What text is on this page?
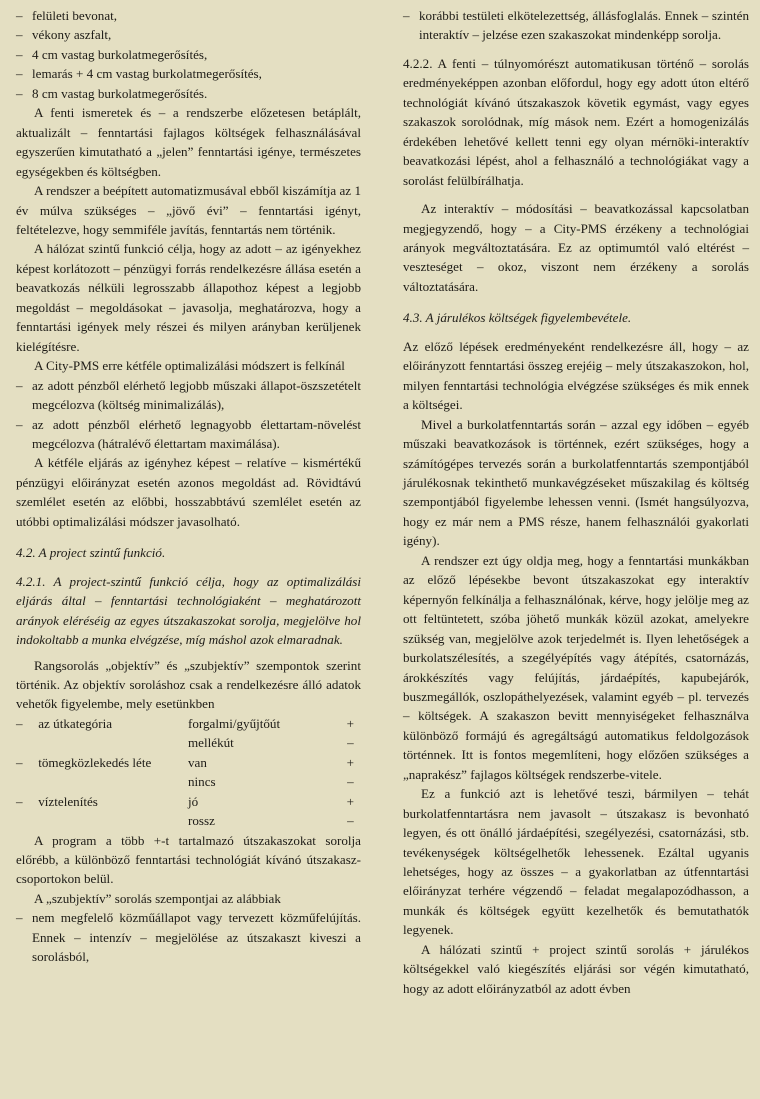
– felületi bevonat,

– vékony aszfalt,

– 4 cm vastag burkolatmegerősítés,

– lemarás + 4 cm vastag burkolatmegerősítés,

– 8 cm vastag burkolatmegerősítés.

A fenti ismeretek és – a rendszerbe előzetesen betáplált, aktualizált – fenntartási fajlagos költségek felhasználásával egyszerűen kimutatható a „jelen” fenntartási igénye, természetes egységekben és költségben.

A rendszer a beépített automatizmusával ebből kiszámítja az 1 év múlva szükséges – „jövő évi” – fenntartási igényt, feltételezve, hogy semmiféle javítás, fenntartás nem történik.

A hálózat szintű funkció célja, hogy az adott – az igényekhez képest korlátozott – pénzügyi forrás rendelkezésre állása esetén a beavatkozás nélküli legrosszabb állapothoz képest a legjobb megoldást – megoldásokat – javasolja, meghatározva, hogy a fenntartási igények mely részei és milyen arányban kerüljenek kielégítésre.

A City-PMS erre kétféle optimalizálási módszert is felkínál

– az adott pénzből elérhető legjobb műszaki állapot-öszszetételt megcélozva (költség minimalizálás),

– az adott pénzből elérhető legnagyobb élettartam-növelést megcélozva (hátralévő élettartam maximálása).

A kétféle eljárás az igényhez képest – relatíve – kismértékű pénzügyi előirányzat esetén azonos megoldást ad. Rövidtávú szemlélet esetén az előbbi, hosszabbtávú szemlélet esetén az utóbbi optimalizálási módszer javasolható.

4.2. A project szintű funkció.

4.2.1. A project-szintű funkció célja, hogy az optimalizálási eljárás által – fenntartási technológiaként – meghatározott arányok eléréséig az egyes útszakaszokat sorolja, megjelölve hol indokoltabb a munka elvégzése, míg máshol azok elmaradnak.

Rangsorolás „objektív” és „szubjektív” szempontok szerint történik. Az objektív soroláshoz csak a rendelkezésre álló adatok vehetők figyelembe, mely esetünkben

–	az útkategória	forgalmi/gyűjtőút	+
		mellékút	–
–	tömegközlekedés léte	van	+
		nincs	–
–	víztelenítés	jó	+
		rossz	–

A program a több +-t tartalmazó útszakaszokat sorolja előrébb, a különböző fenntartási technológiát kívánó útszakasz-csoportokon belül.

A „szubjektív” sorolás szempontjai az alábbiak

– nem megfelelő közműállapot vagy tervezett közműfelújítás. Ennek – intenzív – megjelölése az útszakaszt kiveszi a sorolásból,

– korábbi testületi elkötelezettség, állásfoglalás. Ennek – szintén interaktív – jelzése ezen szakaszokat mindenképp sorolja.

4.2.2. A fenti – túlnyomórészt automatikusan történő – sorolás eredményeképpen azonban előfordul, hogy egy adott úton eltérő technológiát kívánó útszakaszok követik egymást, vagy egyes szakaszok sorolódnak, míg mások nem. Ezért a homogenizálás érdekében lehetővé kellett tenni egy olyan mérnöki-interaktív beavatkozási lépést, ahol a felhasználó a technológiákat vagy a sorolást felülbírálhatja.

Az interaktív – módosítási – beavatkozással kapcsolatban megjegyzendő, hogy – a City-PMS érzékeny a technológiai arányok megváltoztatására. Ez az optimumtól való eltérést – veszteséget – okoz, viszont nem érzékeny a sorolás változtatására.

4.3. A járulékos költségek figyelembevétele.

Az előző lépések eredményeként rendelkezésre áll, hogy – az előirányzott fenntartási összeg erejéig – mely útszakaszokon, hol, milyen fenntartási technológia elvégzése szükséges és mik ennek a költségei.

Mivel a burkolatfenntartás során – azzal egy időben – egyéb műszaki beavatkozások is történnek, ezért szükséges, hogy a számítógépes tervezés során a burkolatfenntartás szempontjából járulékosnak tekinthető munkavégzéseket műszakilag és költség szempontjából figyelembe lehessen venni. (Ismét hangsúlyozva, hogy ez már nem a PMS része, hanem felhasználói gyakorlati igény).

A rendszer ezt úgy oldja meg, hogy a fenntartási munkákban az előző lépésekbe bevont útszakaszokat egy interaktív képernyőn felkínálja a felhasználónak, kérve, hogy jelölje meg az ott feltüntetett, szóba jöhető munkák közül azokat, amelyekre szükség van, megjelölve azok terjedelmét is. Ilyen lehetőségek a burkolatszélesítés, a szegélyépítés vagy átépítés, csatornázás, árokkészítés vagy felújítás, járdaépítés, kapubejárók, buszmegállók, oszlopáthelyezések, valamint egyéb – pl. tervezés – költségek. A szakaszon bevitt mennyiségeket felhasználva különböző formájú és agregáltságú automatikus feldolgozások történnek. Itt is fontos megemlíteni, hogy előzően szükséges a „naprakész” fajlagos költségek rendszerbe-vitele.

Ez a funkció azt is lehetővé teszi, bármilyen – tehát burkolatfenntartásra nem javasolt – útszakasz is bevonható legyen, és ott önálló járdaépítési, szegélyezési, csatornázási, stb. tevékenységek költségelhetők lehessenek. Ezáltal ugyanis lehetséges, hogy az összes – a gyakorlatban az útfenntartási előirányzat terhére végzendő – feladat megalapozódhasson, a munkák és költségek együtt kezelhetők és bemutathatók legyenek.

A hálózati szintű + project szintű sorolás + járulékos költségekkel való kiegészítés eljárási sor végén kimutatható, hogy az adott előirányzatból az adott évben
